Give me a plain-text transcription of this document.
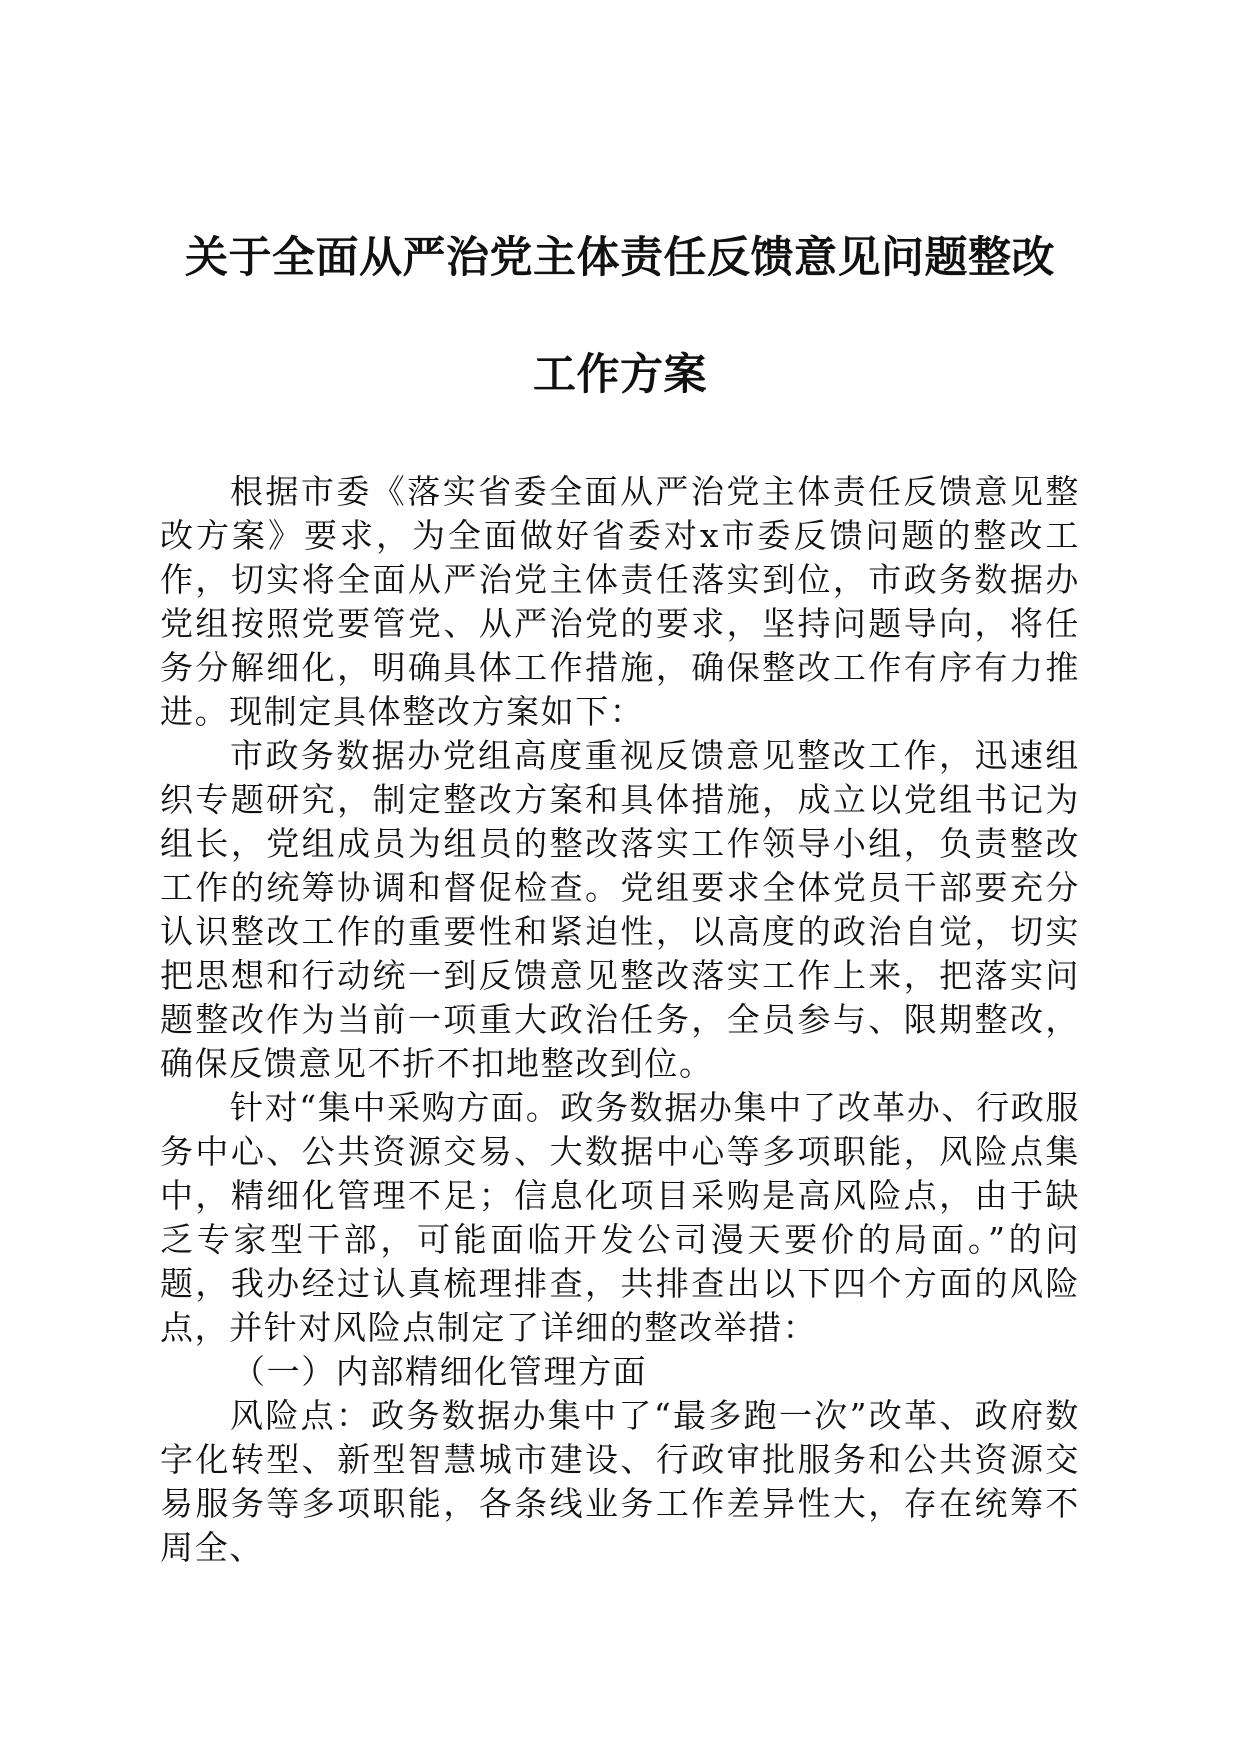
关于全面从严治党主体责任反馈意见问题整改
工作方案

根据市委《落实省委全面从严治党主体责任反馈意见整改方案》要求，为全面做好省委对x市委反馈问题的整改工作，切实将全面从严治党主体责任落实到位，市政务数据办党组按照党要管党、从严治党的要求，坚持问题导向，将任务分解细化，明确具体工作措施，确保整改工作有序有力推进。现制定具体整改方案如下：

市政务数据办党组高度重视反馈意见整改工作，迅速组织专题研究，制定整改方案和具体措施，成立以党组书记为组长，党组成员为组员的整改落实工作领导小组，负责整改工作的统筹协调和督促检查。党组要求全体党员干部要充分认识整改工作的重要性和紧迫性，以高度的政治自觉，切实把思想和行动统一到反馈意见整改落实工作上来，把落实问题整改作为当前一项重大政治任务，全员参与、限期整改，确保反馈意见不折不扣地整改到位。

针对“集中采购方面。政务数据办集中了改革办、行政服务中心、公共资源交易、大数据中心等多项职能，风险点集中，精细化管理不足；信息化项目采购是高风险点，由于缺乏专家型干部，可能面临开发公司漫天要价的局面。”的问题，我办经过认真梳理排查，共排查出以下四个方面的风险点，并针对风险点制定了详细的整改举措：

（一）内部精细化管理方面

风险点：政务数据办集中了“最多跑一次”改革、政府数字化转型、新型智慧城市建设、行政审批服务和公共资源交易服务等多项职能，各条线业务工作差异性大，存在统筹不周全、
